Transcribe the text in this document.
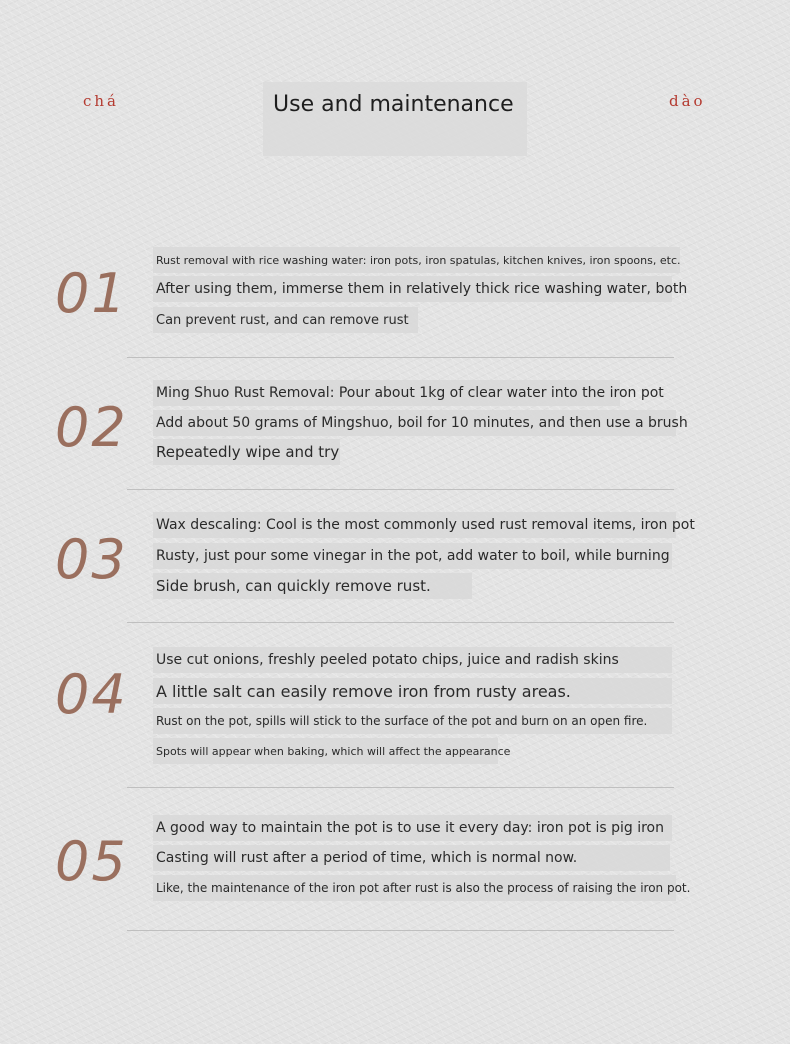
chá	dào
Use and maintenance
01
Rust removal with rice washing water: iron pots, iron spatulas, kitchen knives, iron spoons, etc.
After using them, immerse them in relatively thick rice washing water, both
Can prevent rust, and can remove rust
02
Ming Shuo Rust Removal: Pour about 1kg of clear water into the iron pot
Add about 50 grams of Mingshuo, boil for 10 minutes, and then use a brush
Repeatedly wipe and try
03
Wax descaling: Cool is the most commonly used rust removal items, iron pot
Rusty, just pour some vinegar in the pot, add water to boil, while burning
Side brush, can quickly remove rust.
04
Use cut onions, freshly peeled potato chips, juice and radish skins
A little salt can easily remove iron from rusty areas.
Rust on the pot, spills will stick to the surface of the pot and burn on an open fire.
Spots will appear when baking, which will affect the appearance
05
A good way to maintain the pot is to use it every day: iron pot is pig iron
Casting will rust after a period of time, which is normal now.
Like, the maintenance of the iron pot after rust is also the process of raising the iron pot.
